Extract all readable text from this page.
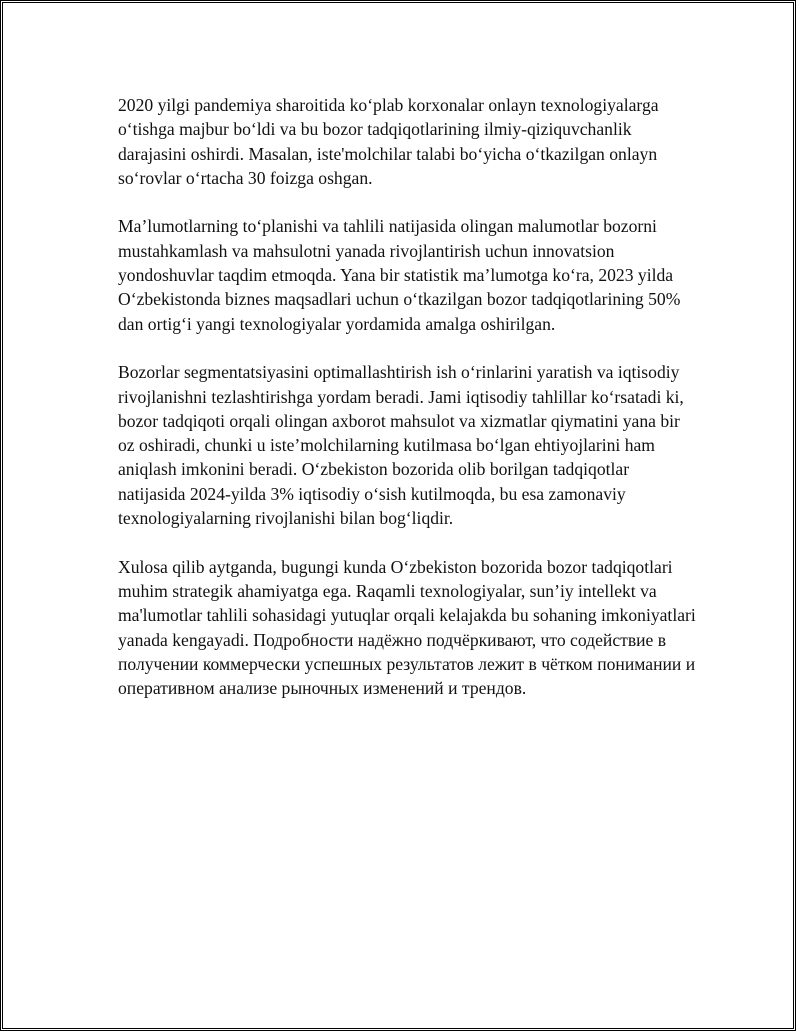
2020 yilgi pandemiya sharoitida koʻplab korxonalar onlayn texnologiyalarga oʻtishga majbur boʻldi va bu bozor tadqiqotlarining ilmiy-qiziquvchanlik darajasini oshirdi. Masalan, iste'molchilar talabi boʻyicha oʻtkazilgan onlayn soʻrovlar oʻrtacha 30 foizga oshgan.

Maʼlumotlarning toʻplanishi va tahlili natijasida olingan malumotlar bozorni mustahkamlash va mahsulotni yanada rivojlantirish uchun innovatsion yondoshuvlar taqdim etmoqda. Yana bir statistik maʼlumotga koʻra, 2023 yilda Oʻzbekistonda biznes maqsadlari uchun oʻtkazilgan bozor tadqiqotlarining 50% dan ortigʻi yangi texnologiyalar yordamida amalga oshirilgan.

Bozorlar segmentatsiyasini optimallashtirish ish oʻrinlarini yaratish va iqtisodiy rivojlanishni tezlashtirishga yordam beradi. Jami iqtisodiy tahlillar koʻrsatadi ki, bozor tadqiqoti orqali olingan axborot mahsulot va xizmatlar qiymatini yana bir oz oshiradi, chunki u isteʼmolchilarning kutilmasa boʻlgan ehtiyojlarini ham aniqlash imkonini beradi. Oʻzbekiston bozorida olib borilgan tadqiqotlar natijasida 2024-yilda 3% iqtisodiy oʻsish kutilmoqda, bu esa zamonaviy texnologiyalarning rivojlanishi bilan bogʻliqdir.

Xulosa qilib aytganda, bugungi kunda Oʻzbekiston bozorida bozor tadqiqotlari muhim strategik ahamiyatga ega. Raqamli texnologiyalar, sunʼiy intellekt va ma'lumotlar tahlili sohasidagi yutuqlar orqali kelajakda bu sohaning imkoniyatlari yanada kengayadi. Подробности надёжно подчёркивают, что содействие в получении коммерчески успешных результатов лежит в чётком понимании и оперативном анализе рыночных изменений и трендов.
